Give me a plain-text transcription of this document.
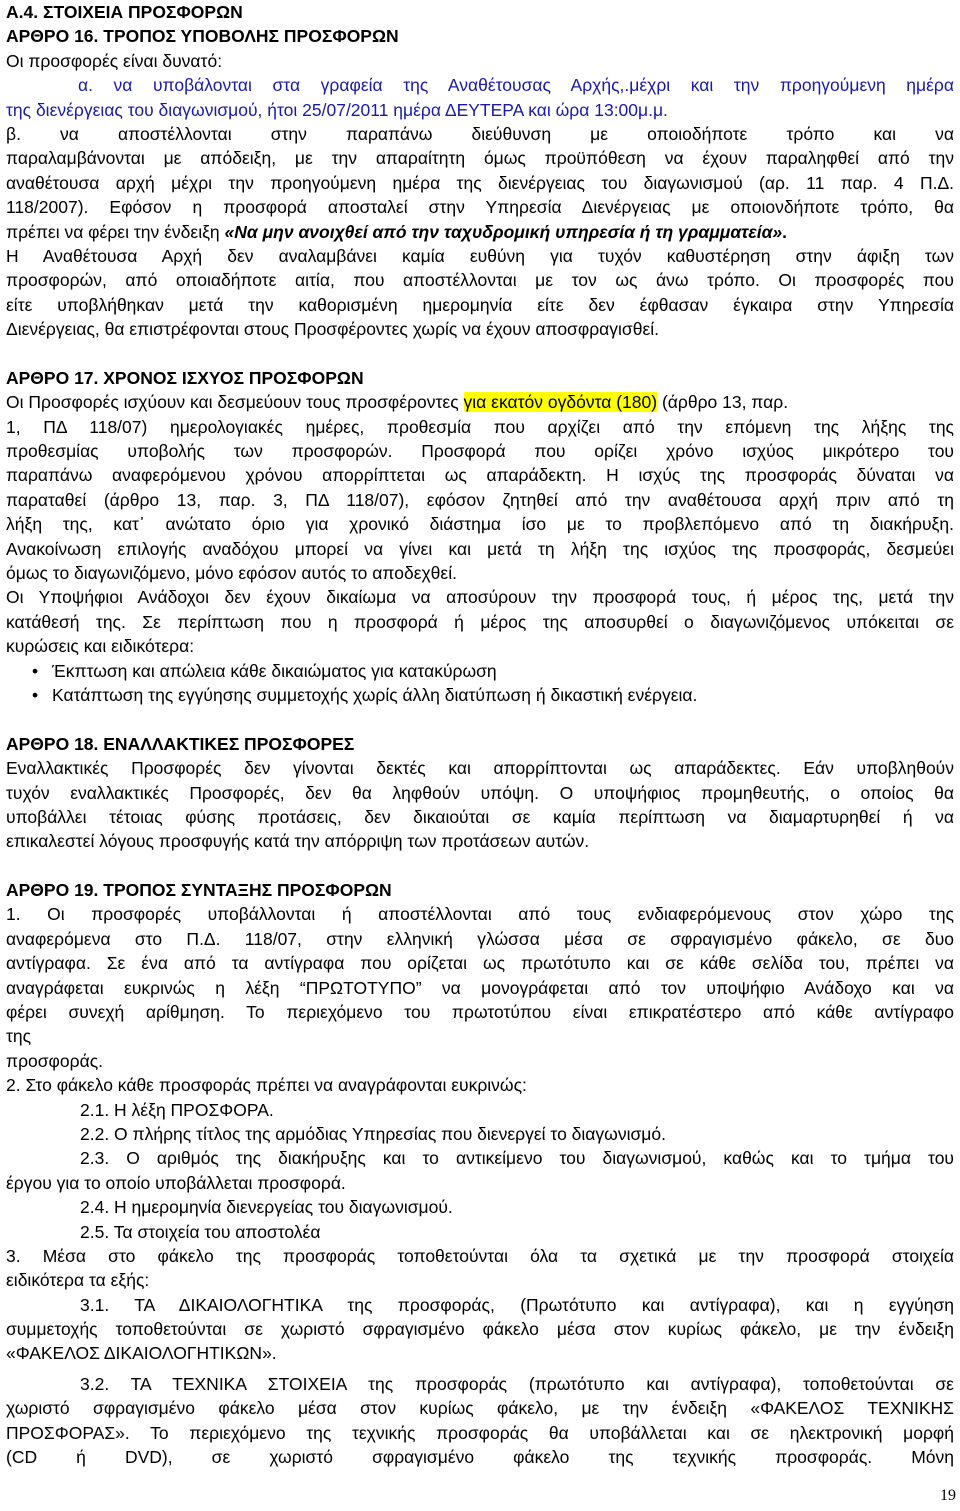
Α.4. ΣΤΟΙΧΕΙΑ ΠΡΟΣΦΟΡΩΝ
ΑΡΘΡΟ 16. ΤΡΟΠΟΣ ΥΠΟΒΟΛΗΣ ΠΡΟΣΦΟΡΩΝ
Οι προσφορές είναι δυνατό:
α. να υποβάλονται στα γραφεία της Αναθέτουσας Αρχής,.μέχρι και την προηγούμενη ημέρα
της διενέργειας του διαγωνισμού, ήτοι 25/07/2011 ημέρα ΔΕΥΤΕΡΑ και ώρα 13:00μ.μ.
β. να αποστέλλονται στην παραπάνω διεύθυνση με οποιοδήποτε τρόπο και να
παραλαμβάνονται με απόδειξη, με την απαραίτητη όμως προϋπόθεση να έχουν παραληφθεί από την
αναθέτουσα αρχή μέχρι την προηγούμενη ημέρα της διενέργειας του διαγωνισμού (αρ. 11 παρ. 4 Π.Δ.
118/2007). Εφόσον η προσφορά αποσταλεί στην Υπηρεσία Διενέργειας με οποιονδήποτε τρόπο, θα
πρέπει να φέρει την ένδειξη «Να μην ανοιχθεί από την ταχυδρομική υπηρεσία ή τη γραμματεία».
Η Αναθέτουσα Αρχή δεν αναλαμβάνει καμία ευθύνη για τυχόν καθυστέρηση στην άφιξη των
προσφορών, από οποιαδήποτε αιτία, που αποστέλλονται με τον ως άνω τρόπο. Οι προσφορές που
είτε υποβλήθηκαν μετά την καθορισμένη ημερομηνία είτε δεν έφθασαν έγκαιρα στην Υπηρεσία
Διενέργειας, θα επιστρέφονται στους Προσφέροντες χωρίς να έχουν αποσφραγισθεί.
ΑΡΘΡΟ 17. ΧΡΟΝΟΣ ΙΣΧΥΟΣ ΠΡΟΣΦΟΡΩΝ
Οι Προσφορές ισχύουν και δεσμεύουν τους προσφέροντες για εκατόν ογδόντα (180) (άρθρο 13, παρ.
1, ΠΔ 118/07) ημερολογιακές ημέρες, προθεσμία που αρχίζει από την επόμενη της λήξης της
προθεσμίας υποβολής των προσφορών. Προσφορά που ορίζει χρόνο ισχύος μικρότερο του
παραπάνω αναφερόμενου χρόνου απορρίπτεται ως απαράδεκτη. Η ισχύς της προσφοράς δύναται να
παραταθεί (άρθρο 13, παρ. 3, ΠΔ 118/07), εφόσον ζητηθεί από την αναθέτουσα αρχή πριν από τη
λήξη της, κατ᾽ ανώτατο όριο για χρονικό διάστημα ίσο με το προβλεπόμενο από τη διακήρυξη.
Ανακοίνωση επιλογής αναδόχου μπορεί να γίνει και μετά τη λήξη της ισχύος της προσφοράς, δεσμεύει
όμως το διαγωνιζόμενο, μόνο εφόσον αυτός το αποδεχθεί.
Οι Υποψήφιοι Ανάδοχοι δεν έχουν δικαίωμα να αποσύρουν την προσφορά τους, ή μέρος της, μετά την
κατάθεσή της. Σε περίπτωση που η προσφορά ή μέρος της αποσυρθεί ο διαγωνιζόμενος υπόκειται σε
κυρώσεις και ειδικότερα:
• Έκπτωση και απώλεια κάθε δικαιώματος για κατακύρωση
• Κατάπτωση της εγγύησης συμμετοχής χωρίς άλλη διατύπωση ή δικαστική ενέργεια.
ΑΡΘΡΟ 18. ΕΝΑΛΛΑΚΤΙΚΕΣ ΠΡΟΣΦΟΡΕΣ
Εναλλακτικές Προσφορές δεν γίνονται δεκτές και απορρίπτονται ως απαράδεκτες. Εάν υποβληθούν
τυχόν εναλλακτικές Προσφορές, δεν θα ληφθούν υπόψη. Ο υποψήφιος προμηθευτής, ο οποίος θα
υποβάλλει τέτοιας φύσης προτάσεις, δεν δικαιούται σε καμία περίπτωση να διαμαρτυρηθεί ή να
επικαλεστεί λόγους προσφυγής κατά την απόρριψη των προτάσεων αυτών.
ΑΡΘΡΟ 19. ΤΡΟΠΟΣ ΣΥΝΤΑΞΗΣ ΠΡΟΣΦΟΡΩΝ
1. Οι προσφορές υποβάλλονται ή αποστέλλονται από τους ενδιαφερόμενους στον χώρο της
αναφερόμενα στο Π.Δ. 118/07, στην ελληνική γλώσσα μέσα σε σφραγισμένο φάκελο, σε δυο
αντίγραφα. Σε ένα από τα αντίγραφα που ορίζεται ως πρωτότυπο και σε κάθε σελίδα του, πρέπει να
αναγράφεται ευκρινώς η λέξη “ΠΡΩΤΟΤΥΠΟ” να μονογράφεται από τον υποψήφιο Ανάδοχο και να
φέρει συνεχή αρίθμηση. Το περιεχόμενο του πρωτοτύπου είναι επικρατέστερο από κάθε αντίγραφο
της
προσφοράς.
2. Στο φάκελο κάθε προσφοράς πρέπει να αναγράφονται ευκρινώς:
2.1. Η λέξη ΠΡΟΣΦΟΡΑ.
2.2. Ο πλήρης τίτλος της αρμόδιας Υπηρεσίας που διενεργεί το διαγωνισμό.
2.3. Ο αριθμός της διακήρυξης και το αντικείμενο του διαγωνισμού, καθώς και το τμήμα του
έργου για το οποίο υποβάλλεται προσφορά.
2.4. Η ημερομηνία διενεργείας του διαγωνισμού.
2.5. Τα στοιχεία του αποστολέα
3. Μέσα στο φάκελο της προσφοράς τοποθετούνται όλα τα σχετικά με την προσφορά στοιχεία
ειδικότερα τα εξής:
3.1. ΤΑ ΔΙΚΑΙΟΛΟΓΗΤΙΚΑ της προσφοράς, (Πρωτότυπο και αντίγραφα), και η εγγύηση
συμμετοχής τοποθετούνται σε χωριστό σφραγισμένο φάκελο μέσα στον κυρίως φάκελο, με την ένδειξη
«ΦΑΚΕΛΟΣ ΔΙΚΑΙΟΛΟΓΗΤΙΚΩΝ».
3.2. ΤΑ ΤΕΧΝΙΚΑ ΣΤΟΙΧΕΙΑ της προσφοράς (πρωτότυπο και αντίγραφα), τοποθετούνται σε
χωριστό σφραγισμένο φάκελο μέσα στον κυρίως φάκελο, με την ένδειξη «ΦΑΚΕΛΟΣ ΤΕΧΝΙΚΗΣ
ΠΡΟΣΦΟΡΑΣ». Το περιεχόμενο της τεχνικής προσφοράς θα υποβάλλεται και σε ηλεκτρονική μορφή
(CD ή DVD), σε χωριστό σφραγισμένο φάκελο της τεχνικής προσφοράς. Μόνη
19
